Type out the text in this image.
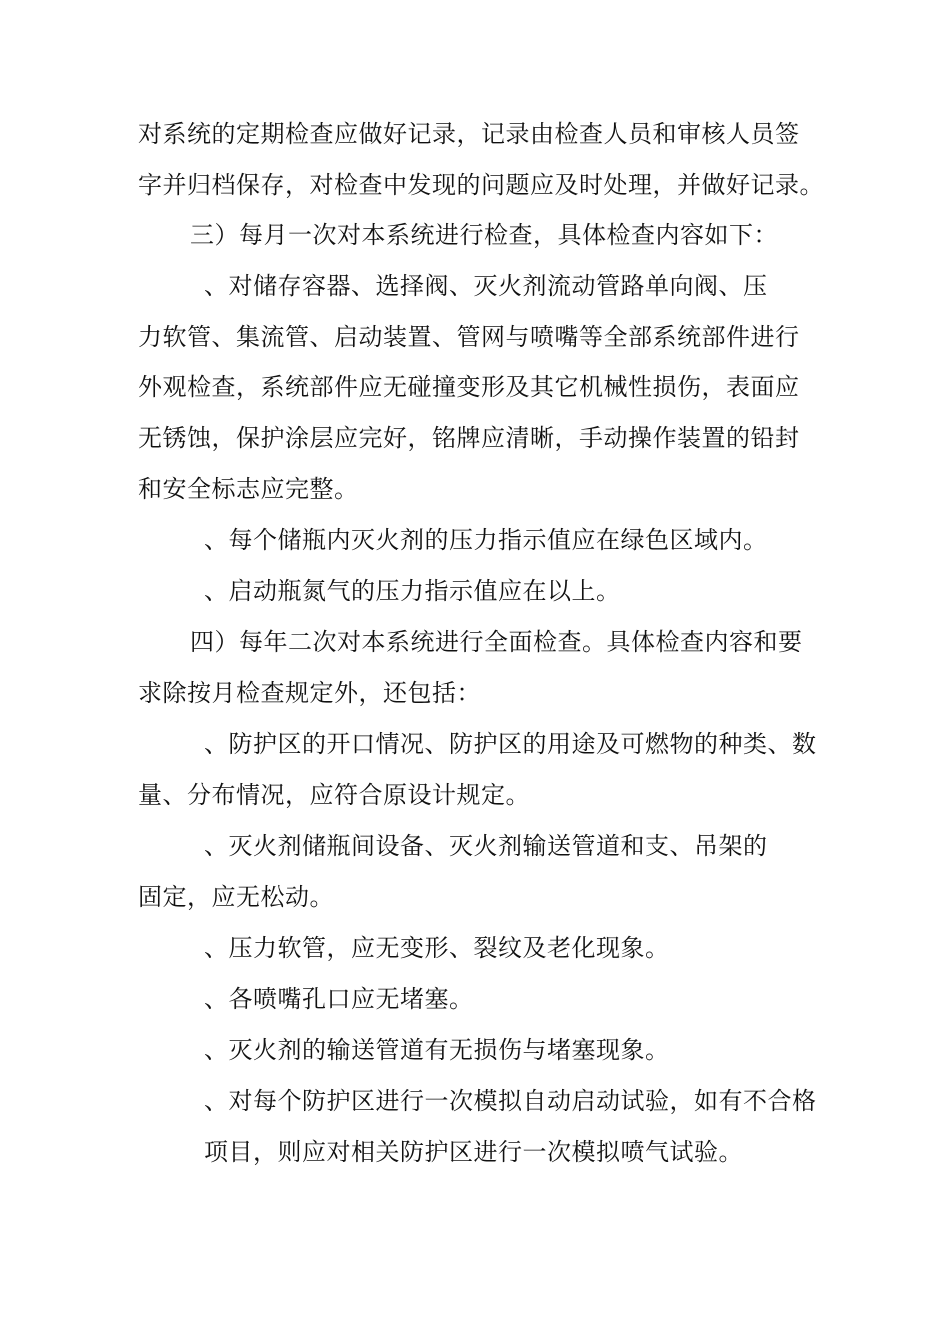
对系统的定期检查应做好记录，记录由检查人员和审核人员签
字并归档保存，对检查中发现的问题应及时处理，并做好记录。
三）每月一次对本系统进行检查，具体检查内容如下：
、对储存容器、选择阀、灭火剂流动管路单向阀、压
力软管、集流管、启动装置、管网与喷嘴等全部系统部件进行
外观检查，系统部件应无碰撞变形及其它机械性损伤，表面应
无锈蚀，保护涂层应完好，铭牌应清晰，手动操作装置的铅封
和安全标志应完整。
、每个储瓶内灭火剂的压力指示值应在绿色区域内。
、启动瓶氮气的压力指示值应在以上。
四）每年二次对本系统进行全面检查。具体检查内容和要
求除按月检查规定外，还包括：
、防护区的开口情况、防护区的用途及可燃物的种类、数
量、分布情况，应符合原设计规定。
、灭火剂储瓶间设备、灭火剂输送管道和支、吊架的
固定，应无松动。
、压力软管，应无变形、裂纹及老化现象。
、各喷嘴孔口应无堵塞。
、灭火剂的输送管道有无损伤与堵塞现象。
、对每个防护区进行一次模拟自动启动试验，如有不合格
项目，则应对相关防护区进行一次模拟喷气试验。
